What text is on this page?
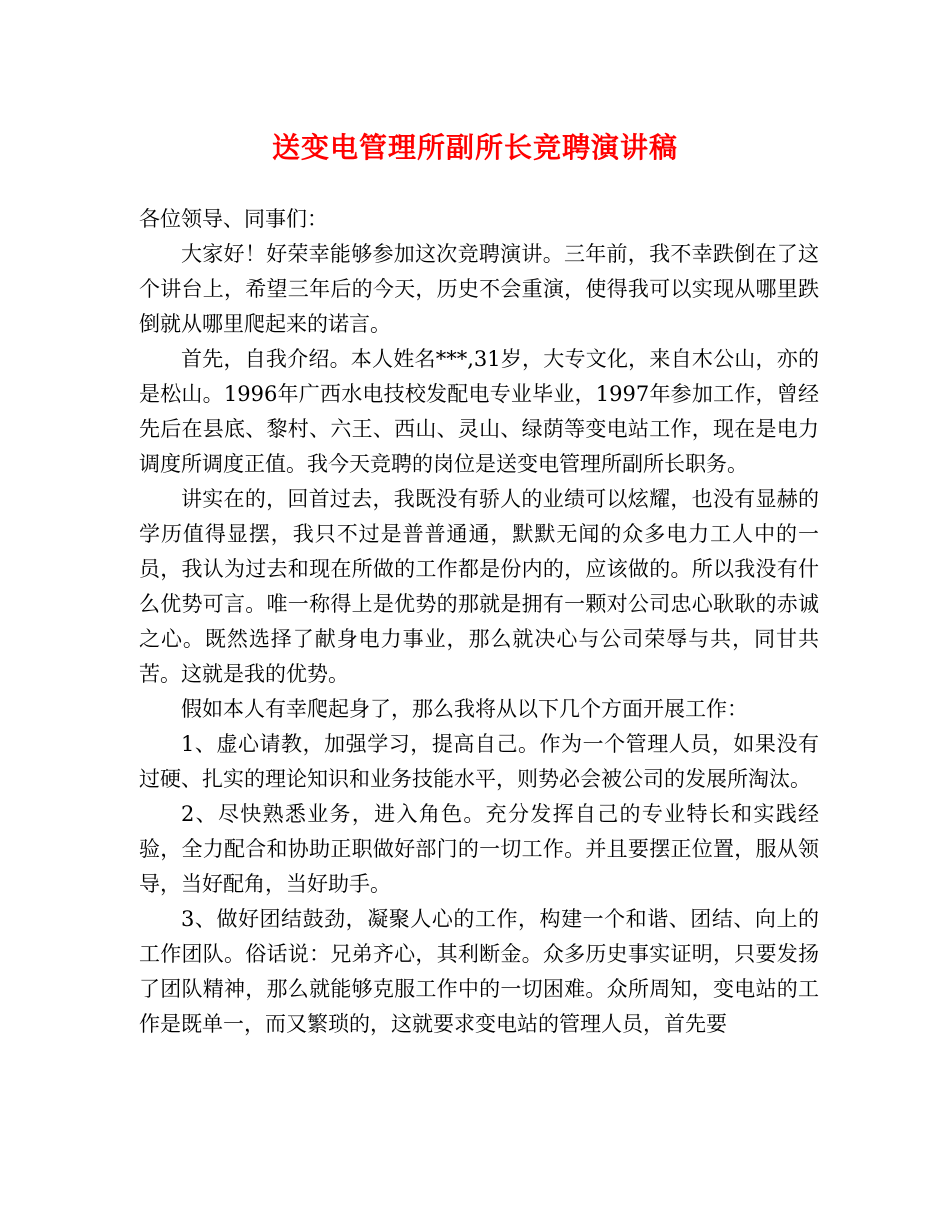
送变电管理所副所长竞聘演讲稿

各位领导、同事们：

大家好！好荣幸能够参加这次竞聘演讲。三年前，我不幸跌倒在了这个讲台上，希望三年后的今天，历史不会重演，使得我可以实现从哪里跌倒就从哪里爬起来的诺言。

首先，自我介绍。本人姓名***,31岁，大专文化，来自木公山，亦的是松山。1996年广西水电技校发配电专业毕业，1997年参加工作，曾经先后在县底、黎村、六王、西山、灵山、绿荫等变电站工作，现在是电力调度所调度正值。我今天竞聘的岗位是送变电管理所副所长职务。

讲实在的，回首过去，我既没有骄人的业绩可以炫耀，也没有显赫的学历值得显摆，我只不过是普普通通，默默无闻的众多电力工人中的一员，我认为过去和现在所做的工作都是份内的，应该做的。所以我没有什么优势可言。唯一称得上是优势的那就是拥有一颗对公司忠心耿耿的赤诚之心。既然选择了献身电力事业，那么就决心与公司荣辱与共，同甘共苦。这就是我的优势。

假如本人有幸爬起身了，那么我将从以下几个方面开展工作：

1、虚心请教，加强学习，提高自己。作为一个管理人员，如果没有过硬、扎实的理论知识和业务技能水平，则势必会被公司的发展所淘汰。

2、尽快熟悉业务，进入角色。充分发挥自己的专业特长和实践经验，全力配合和协助正职做好部门的一切工作。并且要摆正位置，服从领导，当好配角，当好助手。

3、做好团结鼓劲，凝聚人心的工作，构建一个和谐、团结、向上的工作团队。俗话说：兄弟齐心，其利断金。众多历史事实证明，只要发扬了团队精神，那么就能够克服工作中的一切困难。众所周知，变电站的工作是既单一，而又繁琐的，这就要求变电站的管理人员，首先要
